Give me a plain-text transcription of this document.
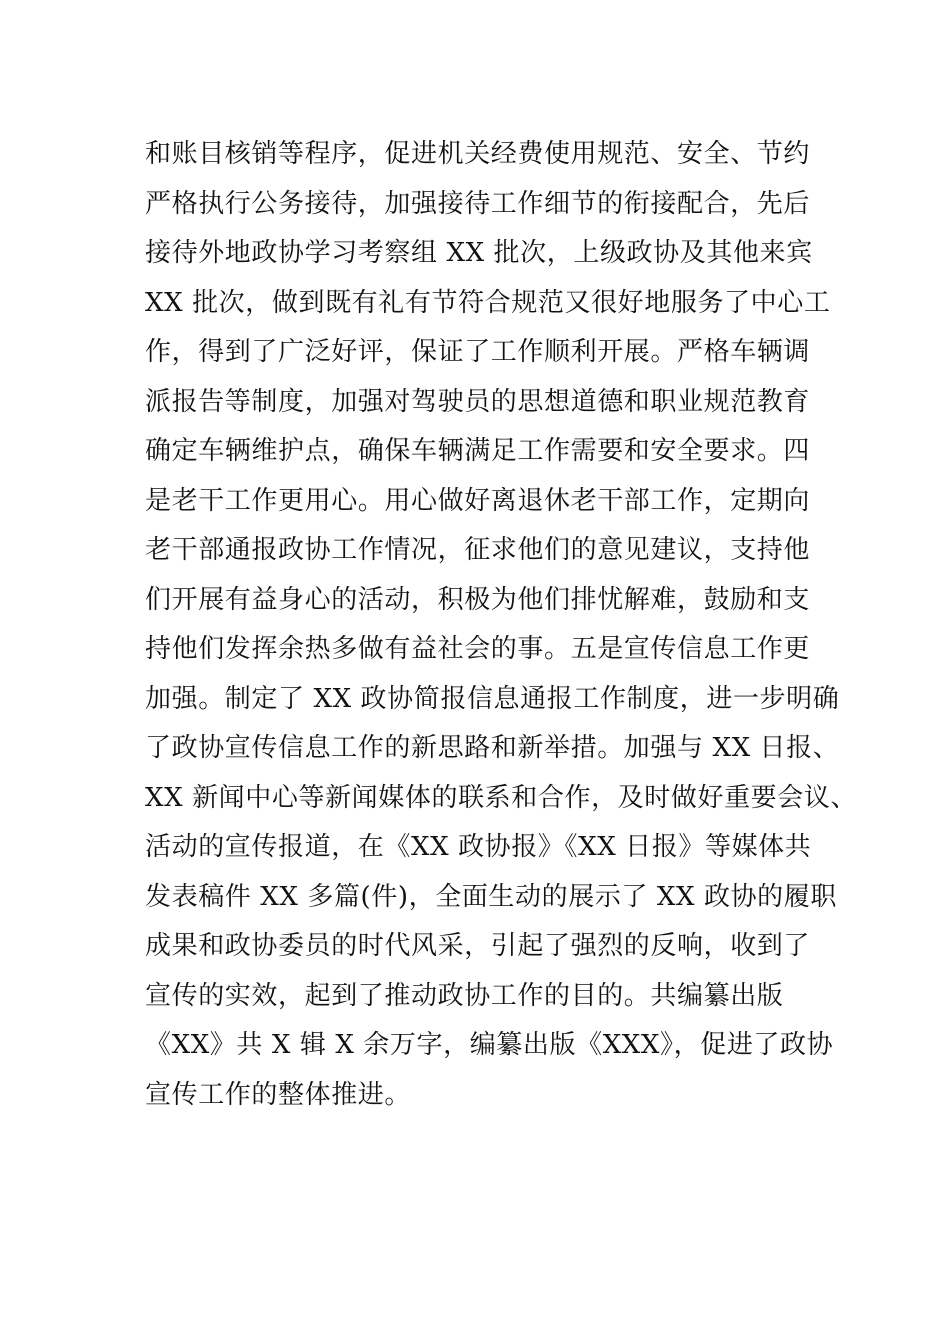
和账目核销等程序，促进机关经费使用规范、安全、节约
严格执行公务接待，加强接待工作细节的衔接配合，先后
接待外地政协学习考察组 XX 批次，上级政协及其他来宾
XX 批次，做到既有礼有节符合规范又很好地服务了中心工
作，得到了广泛好评，保证了工作顺利开展。严格车辆调
派报告等制度，加强对驾驶员的思想道德和职业规范教育
确定车辆维护点，确保车辆满足工作需要和安全要求。四
是老干工作更用心。用心做好离退休老干部工作，定期向
老干部通报政协工作情况，征求他们的意见建议，支持他
们开展有益身心的活动，积极为他们排忧解难，鼓励和支
持他们发挥余热多做有益社会的事。五是宣传信息工作更
加强。制定了 XX 政协简报信息通报工作制度，进一步明确
了政协宣传信息工作的新思路和新举措。加强与 XX 日报、
XX 新闻中心等新闻媒体的联系和合作，及时做好重要会议、
活动的宣传报道，在《XX 政协报》《XX 日报》等媒体共
发表稿件 XX 多篇(件)，全面生动的展示了 XX 政协的履职
成果和政协委员的时代风采，引起了强烈的反响，收到了
宣传的实效，起到了推动政协工作的目的。共编纂出版
《XX》共 X 辑 X 余万字，编纂出版《XXX》，促进了政协
宣传工作的整体推进。
